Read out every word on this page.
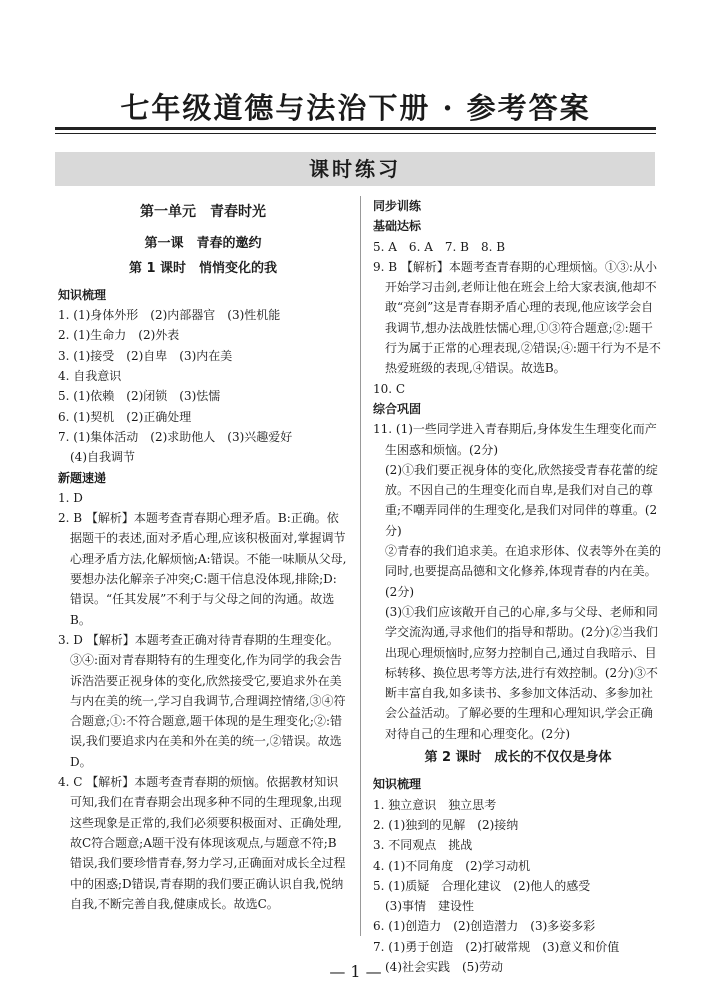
七年级道德与法治下册 · 参考答案
课时练习
第一单元　青春时光
第一课　青春的邀约
第 1 课时　悄悄变化的我
知识梳理

1. (1)身体外形　(2)内部器官　(3)性机能

2. (1)生命力　(2)外表

3. (1)接受　(2)自卑　(3)内在美

4. 自我意识

5. (1)依赖　(2)闭锁　(3)怯懦

6. (1)契机　(2)正确处理

7. (1)集体活动　(2)求助他人　(3)兴趣爱好

(4)自我调节

新题速递

1. D

2. B 【解析】本题考查青春期心理矛盾。B:正确。依据题干的表述,面对矛盾心理,应该积极面对,掌握调节心理矛盾方法,化解烦恼;A:错误。不能一味顺从父母,要想办法化解亲子冲突;C:题干信息没体现,排除;D:错误。“任其发展”不利于与父母之间的沟通。故选B。

3. D 【解析】本题考查正确对待青春期的生理变化。③④:面对青春期特有的生理变化,作为同学的我会告诉浩浩要正视身体的变化,欣然接受它,要追求外在美与内在美的统一,学习自我调节,合理调控情绪,③④符合题意;①:不符合题意,题干体现的是生理变化;②:错误,我们要追求内在美和外在美的统一,②错误。故选D。

4. C 【解析】本题考查青春期的烦恼。依据教材知识可知,我们在青春期会出现多种不同的生理现象,出现这些现象是正常的,我们必须要积极面对、正确处理,故C符合题意;A题干没有体现该观点,与题意不符;B错误,我们要珍惜青春,努力学习,正确面对成长全过程中的困惑;D错误,青春期的我们要正确认识自我,悦纳自我,不断完善自我,健康成长。故选C。

同步训练
基础达标

5. A　6. A　7. B　8. B

9. B 【解析】本题考查青春期的心理烦恼。①③:从小开始学习击剑,老师让他在班会上给大家表演,他却不敢“亮剑”这是青春期矛盾心理的表现,他应该学会自我调节,想办法战胜怯懦心理,①③符合题意;②:题干行为属于正常的心理表现,②错误;④:题干行为不是不热爱班级的表现,④错误。故选B。

10. C

综合巩固

11. (1)一些同学进入青春期后,身体发生生理变化而产生困惑和烦恼。(2分)

(2)①我们要正视身体的变化,欣然接受青春花蕾的绽放。不因自己的生理变化而自卑,是我们对自己的尊重;不嘲弄同伴的生理变化,是我们对同伴的尊重。(2分)

②青春的我们追求美。在追求形体、仪表等外在美的同时,也要提高品德和文化修养,体现青春的内在美。(2分)

(3)①我们应该敞开自己的心扉,多与父母、老师和同学交流沟通,寻求他们的指导和帮助。(2分)②当我们出现心理烦恼时,应努力控制自己,通过自我暗示、目标转移、换位思考等方法,进行有效控制。(2分)③不断丰富自我,如多读书、多参加文体活动、多参加社会公益活动。了解必要的生理和心理知识,学会正确对待自己的生理和心理变化。(2分)

第 2 课时　成长的不仅仅是身体
知识梳理

1. 独立意识　独立思考

2. (1)独到的见解　(2)接纳

3. 不同观点　挑战

4. (1)不同角度　(2)学习动机

5. (1)质疑　合理化建议　(2)他人的感受

(3)事情　建设性

6. (1)创造力　(2)创造潜力　(3)多姿多彩

7. (1)勇于创造　(2)打破常规　(3)意义和价值

(4)社会实践　(5)劳动

— 1 —
